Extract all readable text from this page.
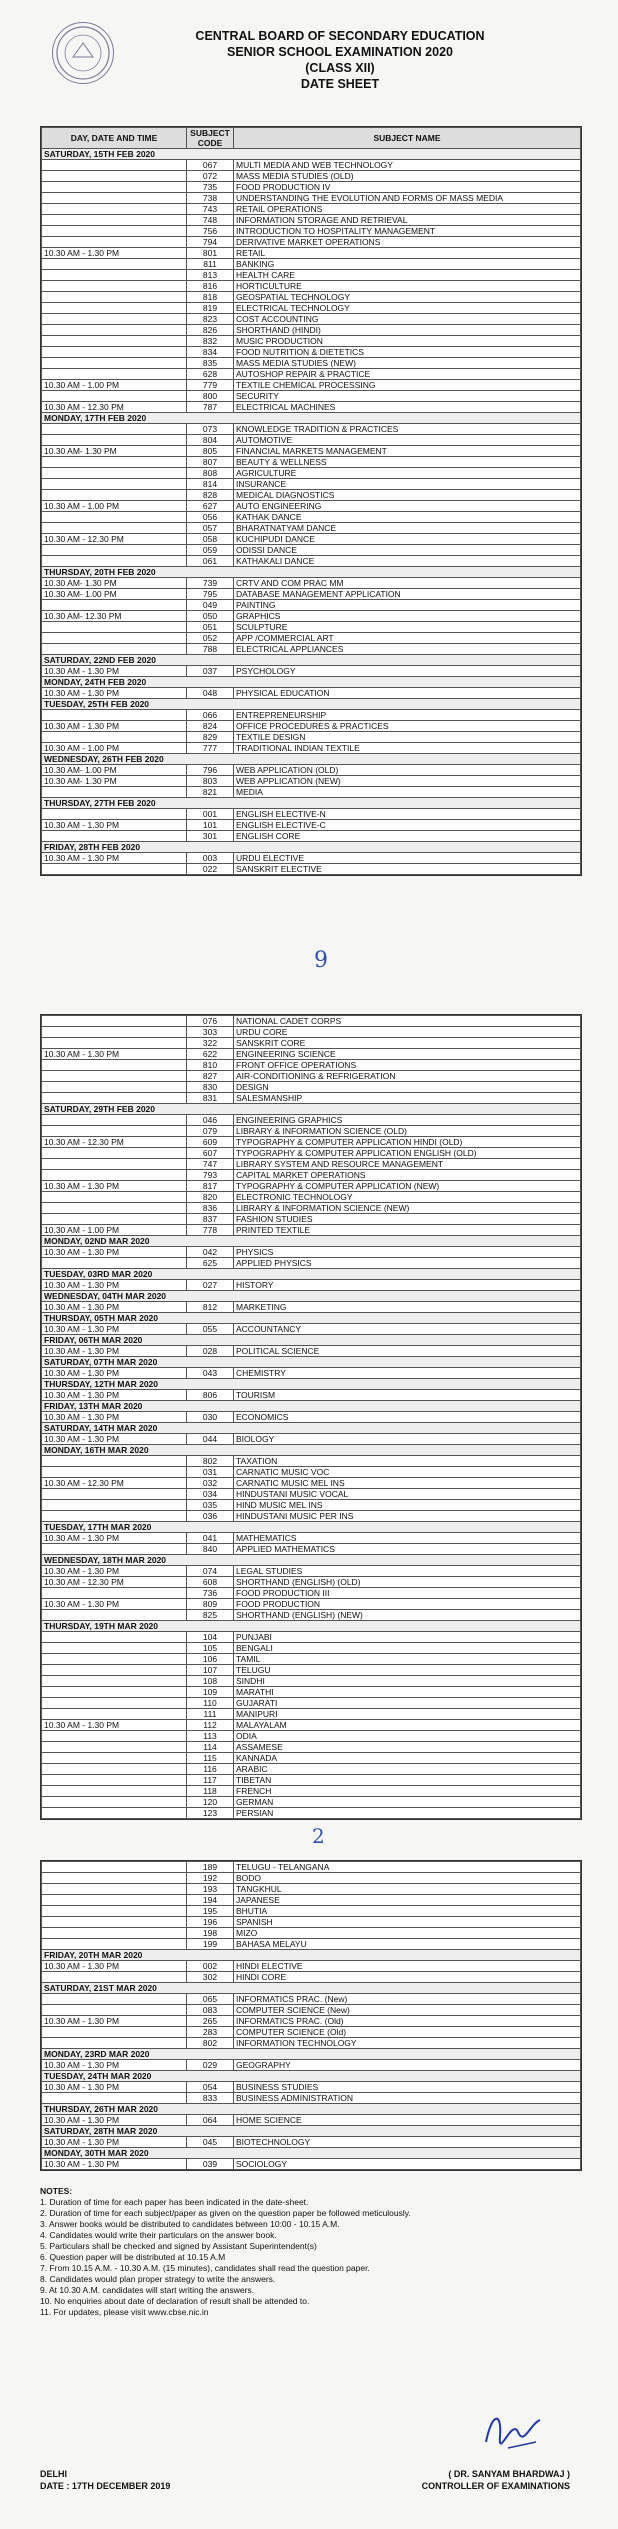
CENTRAL BOARD OF SECONDARY EDUCATION
SENIOR SCHOOL EXAMINATION 2020
(CLASS XII)
DATE SHEET
DAY, DATE AND TIME	SUBJECT CODE	SUBJECT NAME
SATURDAY, 15TH FEB 2020		
	067	MULTI MEDIA AND WEB TECHNOLOGY
	072	MASS MEDIA STUDIES (OLD)
	735	FOOD PRODUCTION IV
	738	UNDERSTANDING THE EVOLUTION AND FORMS OF MASS MEDIA
	743	RETAIL OPERATIONS
	748	INFORMATION STORAGE AND RETRIEVAL
	756	INTRODUCTION TO HOSPITALITY MANAGEMENT
	794	DERIVATIVE MARKET OPERATIONS
10.30 AM - 1.30 PM	801	RETAIL
	811	BANKING
	813	HEALTH CARE
	816	HORTICULTURE
	818	GEOSPATIAL TECHNOLOGY
	819	ELECTRICAL TECHNOLOGY
	823	COST ACCOUNTING
	826	SHORTHAND (HINDI)
	832	MUSIC PRODUCTION
	834	FOOD NUTRITION & DIETETICS
	835	MASS MEDIA STUDIES (NEW)
	628	AUTOSHOP REPAIR & PRACTICE
10.30 AM - 1.00 PM	779	TEXTILE CHEMICAL PROCESSING
	800	SECURITY
10.30 AM - 12.30 PM	787	ELECTRICAL MACHINES
MONDAY, 17TH FEB 2020		
	073	KNOWLEDGE TRADITION & PRACTICES
	804	AUTOMOTIVE
10.30 AM- 1.30 PM	805	FINANCIAL MARKETS MANAGEMENT
	807	BEAUTY & WELLNESS
	808	AGRICULTURE
	814	INSURANCE
	828	MEDICAL DIAGNOSTICS
10.30 AM - 1.00 PM	627	AUTO ENGINEERING
	056	KATHAK DANCE
	057	BHARATNATYAM DANCE
10.30 AM - 12.30 PM	058	KUCHIPUDI DANCE
	059	ODISSI DANCE
	061	KATHAKALI DANCE
THURSDAY, 20TH FEB 2020		
10.30 AM- 1.30 PM	739	CRTV AND COM PRAC MM
10.30 AM- 1.00 PM	795	DATABASE MANAGEMENT APPLICATION
	049	PAINTING
10.30 AM- 12.30 PM	050	GRAPHICS
	051	SCULPTURE
	052	APP /COMMERCIAL ART
	788	ELECTRICAL APPLIANCES
SATURDAY, 22ND FEB 2020		
10.30 AM - 1.30 PM	037	PSYCHOLOGY
MONDAY, 24TH FEB 2020		
10.30 AM - 1.30 PM	048	PHYSICAL EDUCATION
TUESDAY, 25TH FEB 2020		
	066	ENTREPRENEURSHIP
10.30 AM - 1.30 PM	824	OFFICE PROCEDURES & PRACTICES
	829	TEXTILE DESIGN
10.30 AM - 1.00 PM	777	TRADITIONAL INDIAN TEXTILE
WEDNESDAY, 26TH FEB 2020		
10.30 AM- 1.00 PM	796	WEB APPLICATION (OLD)
10.30 AM- 1.30 PM	803	WEB APPLICATION (NEW)
	821	MEDIA
THURSDAY, 27TH FEB 2020		
	001	ENGLISH ELECTIVE-N
10.30 AM - 1.30 PM	101	ENGLISH ELECTIVE-C
	301	ENGLISH CORE
FRIDAY, 28TH FEB 2020		
10.30 AM - 1.30 PM	003	URDU ELECTIVE
	022	SANSKRIT ELECTIVE
9
	076	NATIONAL CADET CORPS
	303	URDU CORE
	322	SANSKRIT CORE
10.30 AM - 1.30 PM	622	ENGINEERING SCIENCE
	810	FRONT OFFICE OPERATIONS
	827	AIR-CONDITIONING & REFRIGERATION
	830	DESIGN
	831	SALESMANSHIP
SATURDAY, 29TH FEB 2020		
	046	ENGINEERING GRAPHICS
	079	LIBRARY & INFORMATION SCIENCE (OLD)
10.30 AM - 12.30 PM	609	TYPOGRAPHY & COMPUTER APPLICATION HINDI (OLD)
	607	TYPOGRAPHY & COMPUTER APPLICATION ENGLISH (OLD)
	747	LIBRARY SYSTEM AND RESOURCE MANAGEMENT
	793	CAPITAL MARKET OPERATIONS
10.30 AM - 1.30 PM	817	TYPOGRAPHY & COMPUTER APPLICATION (NEW)
	820	ELECTRONIC TECHNOLOGY
	836	LIBRARY & INFORMATION SCIENCE (NEW)
	837	FASHION STUDIES
10.30 AM - 1.00 PM	778	PRINTED TEXTILE
MONDAY, 02ND MAR 2020		
10.30 AM - 1.30 PM	042	PHYSICS
	625	APPLIED PHYSICS
TUESDAY, 03RD MAR 2020		
10.30 AM - 1.30 PM	027	HISTORY
WEDNESDAY, 04TH MAR 2020		
10.30 AM - 1.30 PM	812	MARKETING
THURSDAY, 05TH MAR 2020		
10.30 AM - 1.30 PM	055	ACCOUNTANCY
FRIDAY, 06TH MAR 2020		
10.30 AM - 1.30 PM	028	POLITICAL SCIENCE
SATURDAY, 07TH MAR 2020		
10.30 AM - 1.30 PM	043	CHEMISTRY
THURSDAY, 12TH MAR 2020		
10.30 AM - 1.30 PM	806	TOURISM
FRIDAY, 13TH MAR 2020		
10.30 AM - 1.30 PM	030	ECONOMICS
SATURDAY, 14TH MAR 2020		
10.30 AM - 1.30 PM	044	BIOLOGY
MONDAY, 16TH MAR 2020		
	802	TAXATION
	031	CARNATIC MUSIC VOC
10.30 AM - 12.30 PM	032	CARNATIC MUSIC MEL INS
	034	HINDUSTANI MUSIC VOCAL
	035	HIND MUSIC MEL INS
	036	HINDUSTANI MUSIC PER INS
TUESDAY, 17TH MAR 2020		
10.30 AM - 1.30 PM	041	MATHEMATICS
	840	APPLIED MATHEMATICS
WEDNESDAY, 18TH MAR 2020		
10.30 AM - 1.30 PM	074	LEGAL STUDIES
10.30 AM - 12.30 PM	608	SHORTHAND (ENGLISH) (OLD)
	736	FOOD PRODUCTION III
10.30 AM - 1.30 PM	809	FOOD PRODUCTION
	825	SHORTHAND (ENGLISH) (NEW)
THURSDAY, 19TH MAR 2020		
	104	PUNJABI
	105	BENGALI
	106	TAMIL
	107	TELUGU
	108	SINDHI
	109	MARATHI
	110	GUJARATI
	111	MANIPURI
10.30 AM - 1.30 PM	112	MALAYALAM
	113	ODIA
	114	ASSAMESE
	115	KANNADA
	116	ARABIC
	117	TIBETAN
	118	FRENCH
	120	GERMAN
	123	PERSIAN
2
	189	TELUGU - TELANGANA
	192	BODO
	193	TANGKHUL
	194	JAPANESE
	195	BHUTIA
	196	SPANISH
	198	MIZO
	199	BAHASA MELAYU
FRIDAY, 20TH MAR 2020		
10.30 AM - 1.30 PM	002	HINDI ELECTIVE
	302	HINDI CORE
SATURDAY, 21ST MAR 2020		
	065	INFORMATICS PRAC. (New)
	083	COMPUTER SCIENCE (New)
10.30 AM - 1.30 PM	265	INFORMATICS PRAC. (Old)
	283	COMPUTER SCIENCE (Old)
	802	INFORMATION TECHNOLOGY
MONDAY, 23RD MAR 2020		
10.30 AM - 1.30 PM	029	GEOGRAPHY
TUESDAY, 24TH MAR 2020		
10.30 AM - 1.30 PM	054	BUSINESS STUDIES
	833	BUSINESS ADMINISTRATION
THURSDAY, 26TH MAR 2020		
10.30 AM - 1.30 PM	064	HOME SCIENCE
SATURDAY, 28TH MAR 2020		
10.30 AM - 1.30 PM	045	BIOTECHNOLOGY
MONDAY, 30TH MAR 2020		
10.30 AM - 1.30 PM	039	SOCIOLOGY
NOTES:
1. Duration of time for each paper has been indicated in the date-sheet.
2. Duration of time for each subject/paper as given on the question paper be followed meticulously.
3. Answer books would be distributed to candidates between 10:00 - 10.15 A.M.
4. Candidates would write their particulars on the answer book.
5. Particulars shall be checked and signed by Assistant Superintendent(s)
6. Question paper will be distributed at 10.15 A.M
7. From 10.15 A.M. - 10.30 A.M. (15 minutes), candidates shall read the question paper.
8. Candidates would plan proper strategy to write the answers.
9. At 10.30 A.M. candidates will start writing the answers.
10. No enquiries about date of declaration of result shall be attended to.
11. For updates, please visit www.cbse.nic.in
DELHI
DATE : 17TH DECEMBER 2019
( DR. SANYAM BHARDWAJ )
CONTROLLER OF EXAMINATIONS
